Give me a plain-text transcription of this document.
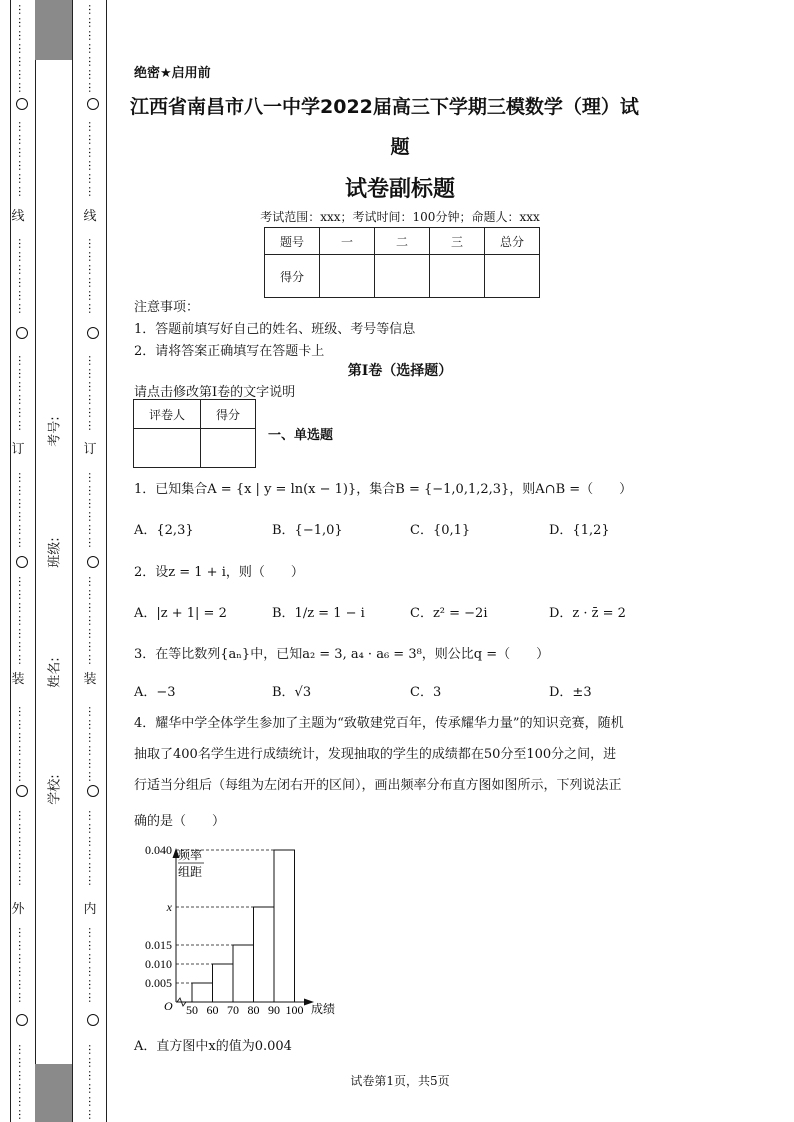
…
…
…
…
…
…
…
…
…
…
…
…
…
…
…
…
…
…
…
…
…
…
…
…
…
…
…
…
…
…
…
…
…
…
…
…
…
…
…
…
…
…
…
…
…
…
…
…
…
…
…
…
…
…
…
…
…
…
…
…
…
…
…
…
…
…
…
…
…
…
…
…
…
…
…
…
…
…
…
…
…
…
…
…
…
…
…
…
…
…
…
…
…
…
…
…
…
…
…
…
…
…
…
…
…
…
…
…
…
…
…
…
…
…
…
…
…
…
…
…
…
…
…
…
线
订
装
外
线
订
装
内
考号:
班级:
姓名:
学校:
绝密★启用前
江西省南昌市八一中学2022届高三下学期三模数学（理）试
题
试卷副标题
考试范围：xxx；考试时间：100分钟；命题人：xxx
题号	一	二	三	总分
得分				
注意事项：
1．答题前填写好自己的姓名、班级、考号等信息
2．请将答案正确填写在答题卡上
第I卷（选择题）
请点击修改第I卷的文字说明
评卷人	得分

一、单选题
1．已知集合A = {x | y = ln(x − 1)}，集合B = {−1,0,1,2,3}，则A∩B =（　　）
A．{2,3}	B．{−1,0}	C．{0,1}	D．{1,2}
2．设z = 1 + i，则（　　）
A．|z + 1| = 2	B．1/z = 1 − i	C．z² = −2i	D．z · z̄ = 2
3．在等比数列{aₙ}中，已知a₂ = 3, a₄ · a₆ = 3⁸，则公比q =（　　）
A．−3	B．√3	C．3	D．±3
4．耀华中学全体学生参加了主题为“致敬建党百年，传承耀华力量”的知识竞赛，随机
抽取了400名学生进行成绩统计，发现抽取的学生的成绩都在50分至100分之间，进
行适当分组后（每组为左闭右开的区间），画出频率分布直方图如图所示，下列说法正
确的是（　　）
0.005
0.010
0.015
x
0.040
50 60 70 80 90 100
频率
组距
成绩
O
A．直方图中x的值为0.004
试卷第1页，共5页
